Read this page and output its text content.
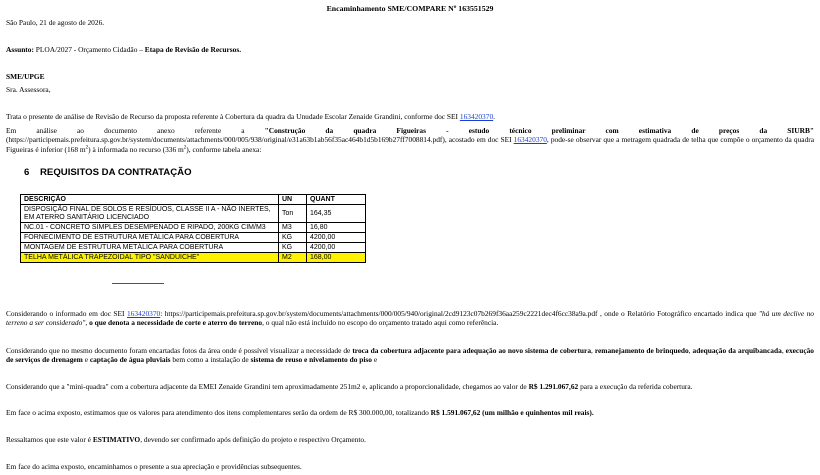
Encaminhamento SME/COMPARE Nº 163551529
São Paulo, 21 de agosto de 2026.
Assunto: PLOA/2027 - Orçamento Cidadão – Etapa de Revisão de Recursos.
SME/UPGE
Sra. Assessora,
Trata o presente de análise de Revisão de Recurso da proposta referente à Cobertura da quadra da Unudade Escolar Zenaide Grandini, conforme doc SEI 163420370.
Em análise ao documento anexo referente a "Construção da quadra Figueiras - estudo técnico preliminar com estimativa de preços da SIURB" (https://participemais.prefeitura.sp.gov.br/system/documents/attachments/000/005/938/original/e31a63b1ab56f35ac464b1d5b169b27ff7008814.pdf), acostado em doc SEI 163420370, pode-se observar que a metragem quadrada de telha que compõe o orçamento da quadra Figueiras é inferior (168 $m^2$) à informada no recurso (336 $m^2$), conforme tabela anexa:
6 REQUISITOS DA CONTRATAÇÃO
DESCRIÇÃO	UN	QUANT
DISPOSIÇÃO FINAL DE SOLOS E RESÍDUOS, CLASSE II A - NÃO INERTES, EM ATERRO SANITÁRIO LICENCIADO	Ton	164,35
NC.01 - CONCRETO SIMPLES DESEMPENADO E RIPADO, 200KG CIM/M3	M3	16,80
FORNECIMENTO DE ESTRUTURA METÁLICA PARA COBERTURA	KG	4200,00
MONTAGEM DE ESTRUTURA METÁLICA PARA COBERTURA	KG	4200,00
TELHA METÁLICA TRAPEZOIDAL TIPO "SANDUICHE"	M2	168,00
Considerando o informado em doc SEI 163420370: https://participemais.prefeitura.sp.gov.br/system/documents/attachments/000/005/940/original/2cd9123c07b269f36aa259c2221dec4f6cc38a9a.pdf , onde o Relatório Fotográfico encartado indica que "há um declive no terreno a ser considerado", o que denota a necessidade de corte e aterro do terreno, o qual não está incluído no escopo do orçamento tratado aqui como referência.
Considerando que no mesmo documento foram encartadas fotos da área onde é possível visualizar a necessidade de troca da cobertura adjacente para adequação ao novo sistema de cobertura, remanejamento de brinquedo, adequação da arquibancada, execução de serviços de drenagem e captação de água pluviais bem como a instalação de sistema de reuso e nivelamento do piso e
Considerando que a "mini-quadra" com a cobertura adjacente da EMEI Zenaide Grandini tem aproximadamente 251m2 e, aplicando a proporcionalidade, chegamos ao valor de R$ 1.291.067,62 para a execução da referida cobertura.
Em face o acima exposto, estimamos que os valores para atendimento dos itens complementares serão da ordem de R$ 300.000,00, totalizando R$ 1.591.067,62 (um milhão e quinhentos mil reais).
Ressaltamos que este valor é ESTIMATIVO, devendo ser confirmado após definição do projeto e respectivo Orçamento.
Em face do acima exposto, encaminhamos o presente a sua apreciação e providências subsequentes.
